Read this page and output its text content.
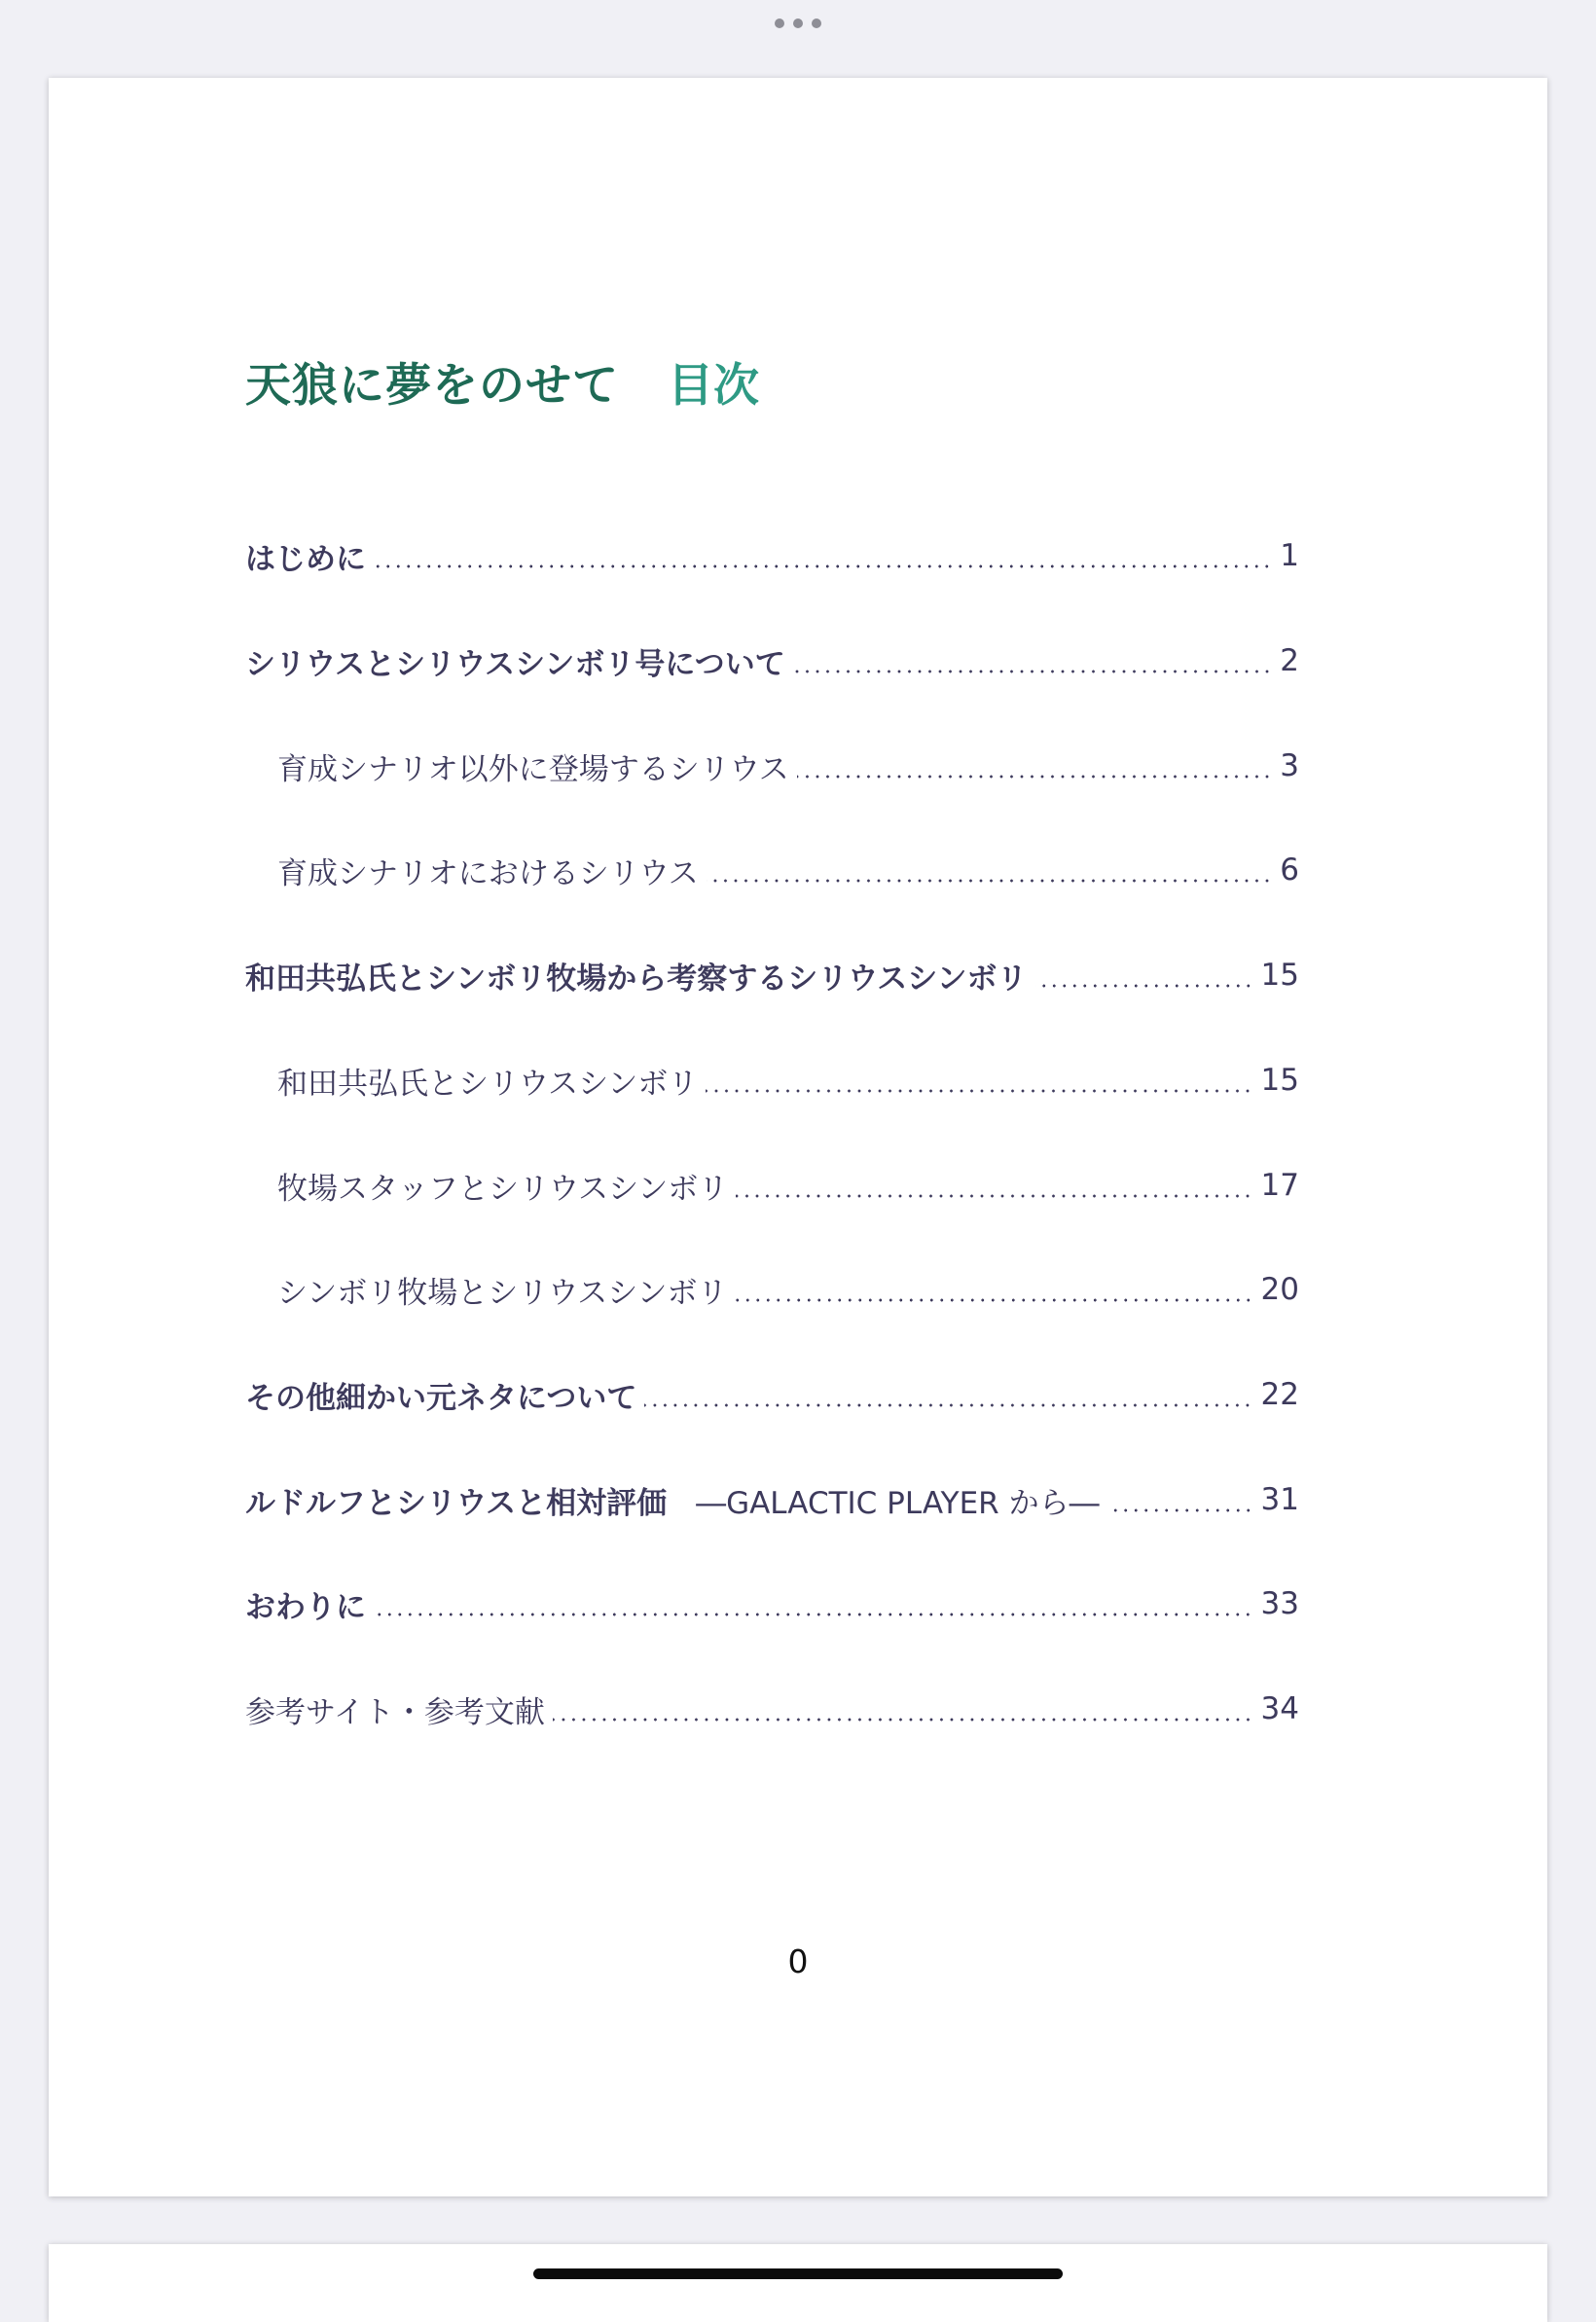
天狼に夢をのせて 目次
はじめに	1
シリウスとシリウスシンボリ号について	2
育成シナリオ以外に登場するシリウス	3
育成シナリオにおけるシリウス	6
和田共弘氏とシンボリ牧場から考察するシリウスシンボリ	15
和田共弘氏とシリウスシンボリ	15
牧場スタッフとシリウスシンボリ	17
シンボリ牧場とシリウスシンボリ	20
その他細かい元ネタについて	22
ルドルフとシリウスと相対評価 ―GALACTIC PLAYER から―	31
おわりに	33
参考サイト・参考文献	34
0
